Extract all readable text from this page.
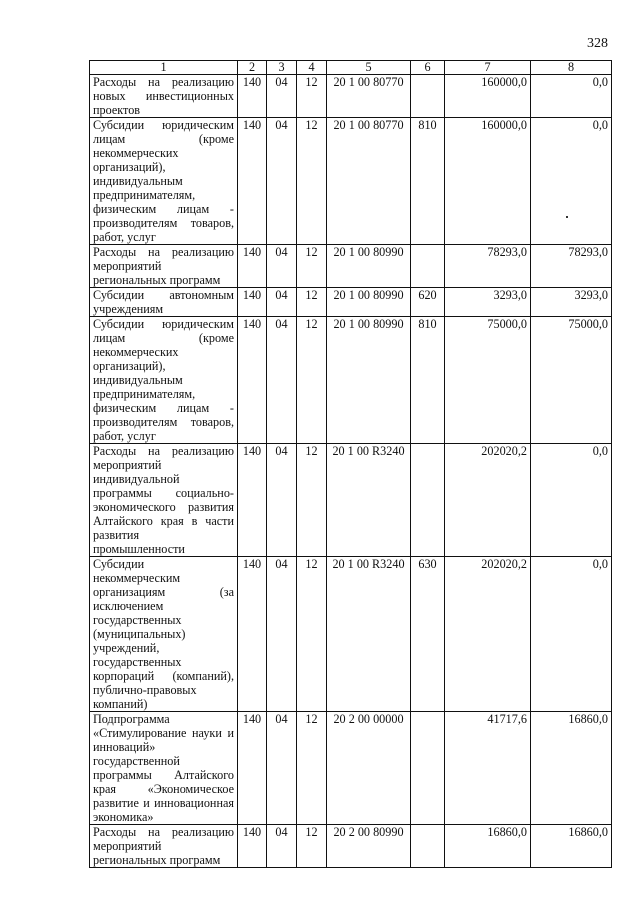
328
1	2	3	4	5	6	7	8
Расходы на реализацию новых инвестиционных проектов	140	04	12	20 1 00 80770		160000,0	0,0
Субсидии юридическим лицам (кроме некоммерческих организаций), индивидуальным предпринимателям, физическим лицам - производителям товаров, работ, услуг	140	04	12	20 1 00 80770	810	160000,0	0,0
Расходы на реализацию мероприятий региональных программ	140	04	12	20 1 00 80990		78293,0	78293,0
Субсидии автономным учреждениям	140	04	12	20 1 00 80990	620	3293,0	3293,0
Субсидии юридическим лицам (кроме некоммерческих организаций), индивидуальным предпринимателям, физическим лицам - производителям товаров, работ, услуг	140	04	12	20 1 00 80990	810	75000,0	75000,0
Расходы на реализацию мероприятий индивидуальной программы социально-экономического развития Алтайского края в части развития промышленности	140	04	12	20 1 00 R3240		202020,2	0,0
Субсидии некоммерческим организациям (за исключением государственных (муниципальных) учреждений, государственных корпораций (компаний), публично-правовых компаний)	140	04	12	20 1 00 R3240	630	202020,2	0,0
Подпрограмма «Стимулирование науки и инноваций» государственной программы Алтайского края «Экономическое развитие и инновационная экономика»	140	04	12	20 2 00 00000		41717,6	16860,0
Расходы на реализацию мероприятий региональных программ	140	04	12	20 2 00 80990		16860,0	16860,0
